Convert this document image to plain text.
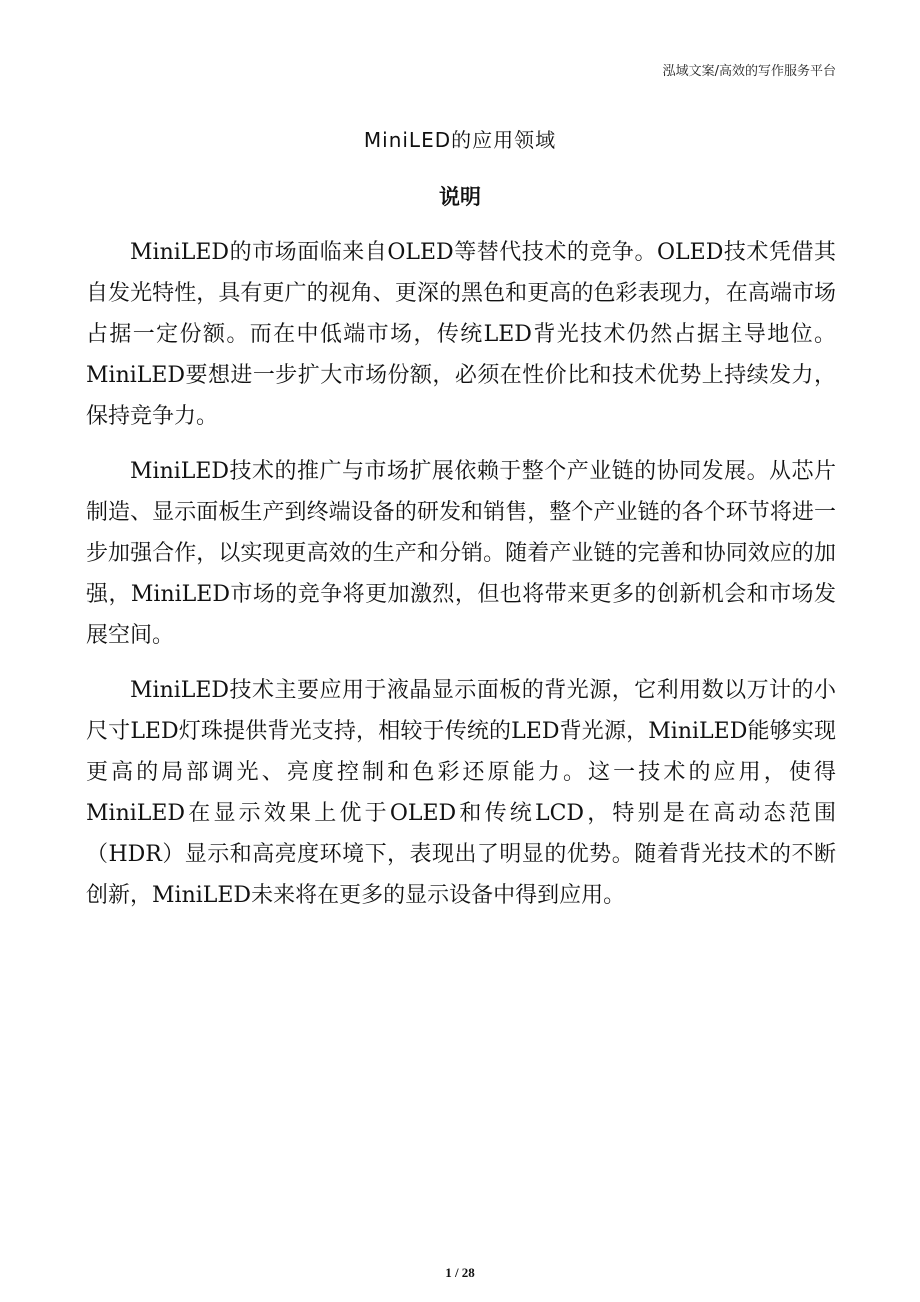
泓域文案/高效的写作服务平台
MiniLED的应用领域
说明

MiniLED的市场面临来自OLED等替代技术的竞争。OLED技术凭借其自发光特性，具有更广的视角、更深的黑色和更高的色彩表现力，在高端市场占据一定份额。而在中低端市场，传统LED背光技术仍然占据主导地位。MiniLED要想进一步扩大市场份额，必须在性价比和技术优势上持续发力，保持竞争力。

MiniLED技术的推广与市场扩展依赖于整个产业链的协同发展。从芯片制造、显示面板生产到终端设备的研发和销售，整个产业链的各个环节将进一步加强合作，以实现更高效的生产和分销。随着产业链的完善和协同效应的加强，MiniLED市场的竞争将更加激烈，但也将带来更多的创新机会和市场发展空间。

MiniLED技术主要应用于液晶显示面板的背光源，它利用数以万计的小尺寸LED灯珠提供背光支持，相较于传统的LED背光源，MiniLED能够实现更高的局部调光、亮度控制和色彩还原能力。这一技术的应用，使得MiniLED在显示效果上优于OLED和传统LCD，特别是在高动态范围（HDR）显示和高亮度环境下，表现出了明显的优势。随着背光技术的不断创新，MiniLED未来将在更多的显示设备中得到应用。

1 / 28
